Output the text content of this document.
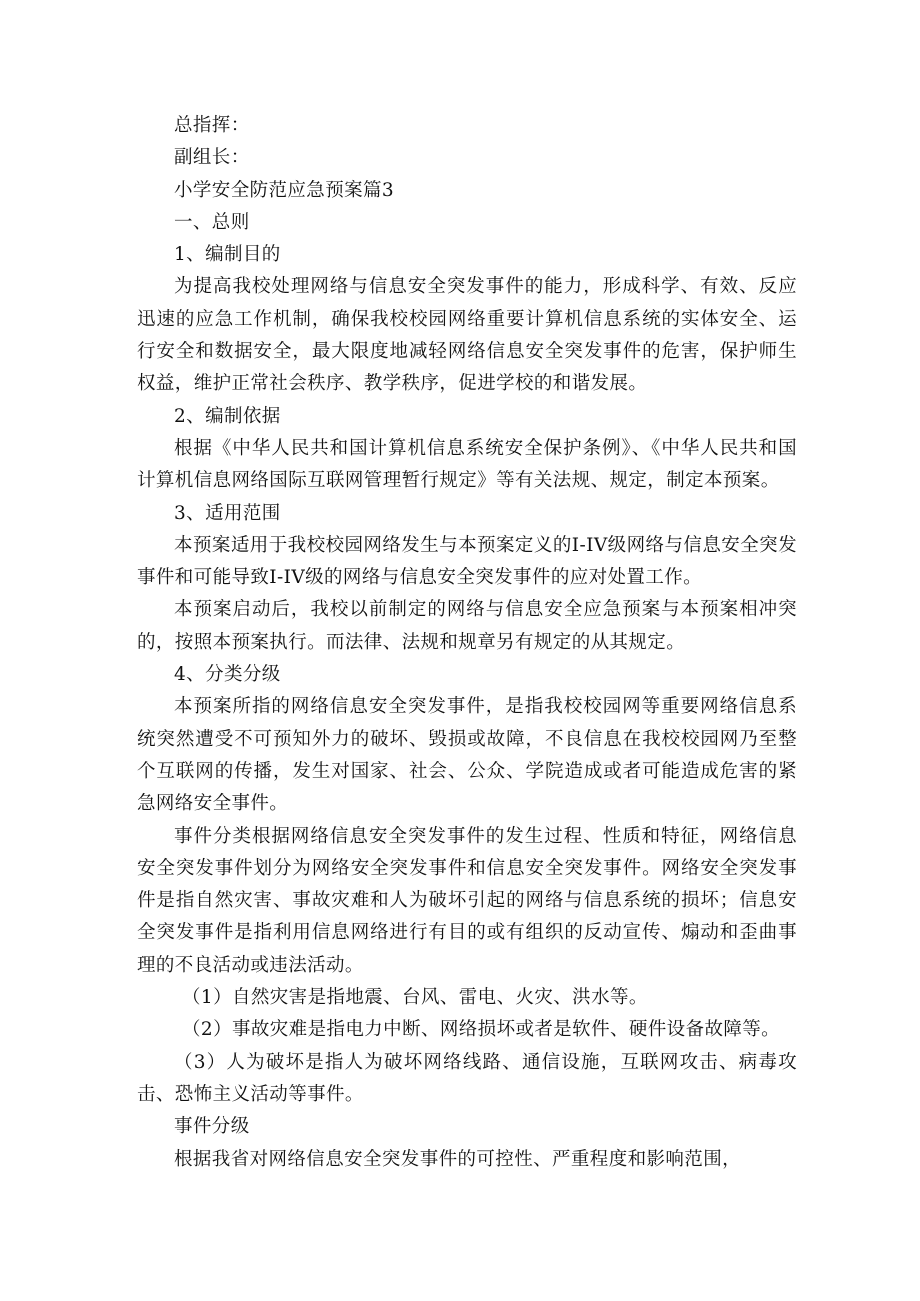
总指挥：

副组长：

小学安全防范应急预案篇3

一、总则

1、编制目的

为提高我校处理网络与信息安全突发事件的能力，形成科学、有效、反应迅速的应急工作机制，确保我校校园网络重要计算机信息系统的实体安全、运行安全和数据安全，最大限度地减轻网络信息安全突发事件的危害，保护师生权益，维护正常社会秩序、教学秩序，促进学校的和谐发展。

2、编制依据

根据《中华人民共和国计算机信息系统安全保护条例》、《中华人民共和国计算机信息网络国际互联网管理暂行规定》等有关法规、规定，制定本预案。

3、适用范围

本预案适用于我校校园网络发生与本预案定义的I-IV级网络与信息安全突发事件和可能导致I-IV级的网络与信息安全突发事件的应对处置工作。

本预案启动后，我校以前制定的网络与信息安全应急预案与本预案相冲突的，按照本预案执行。而法律、法规和规章另有规定的从其规定。

4、分类分级

本预案所指的网络信息安全突发事件，是指我校校园网等重要网络信息系统突然遭受不可预知外力的破坏、毁损或故障，不良信息在我校校园网乃至整个互联网的传播，发生对国家、社会、公众、学院造成或者可能造成危害的紧急网络安全事件。

事件分类根据网络信息安全突发事件的发生过程、性质和特征，网络信息安全突发事件划分为网络安全突发事件和信息安全突发事件。网络安全突发事件是指自然灾害、事故灾难和人为破坏引起的网络与信息系统的损坏；信息安全突发事件是指利用信息网络进行有目的或有组织的反动宣传、煽动和歪曲事理的不良活动或违法活动。

（1）自然灾害是指地震、台风、雷电、火灾、洪水等。

（2）事故灾难是指电力中断、网络损坏或者是软件、硬件设备故障等。

（3）人为破坏是指人为破坏网络线路、通信设施，互联网攻击、病毒攻击、恐怖主义活动等事件。

事件分级

根据我省对网络信息安全突发事件的可控性、严重程度和影响范围，
